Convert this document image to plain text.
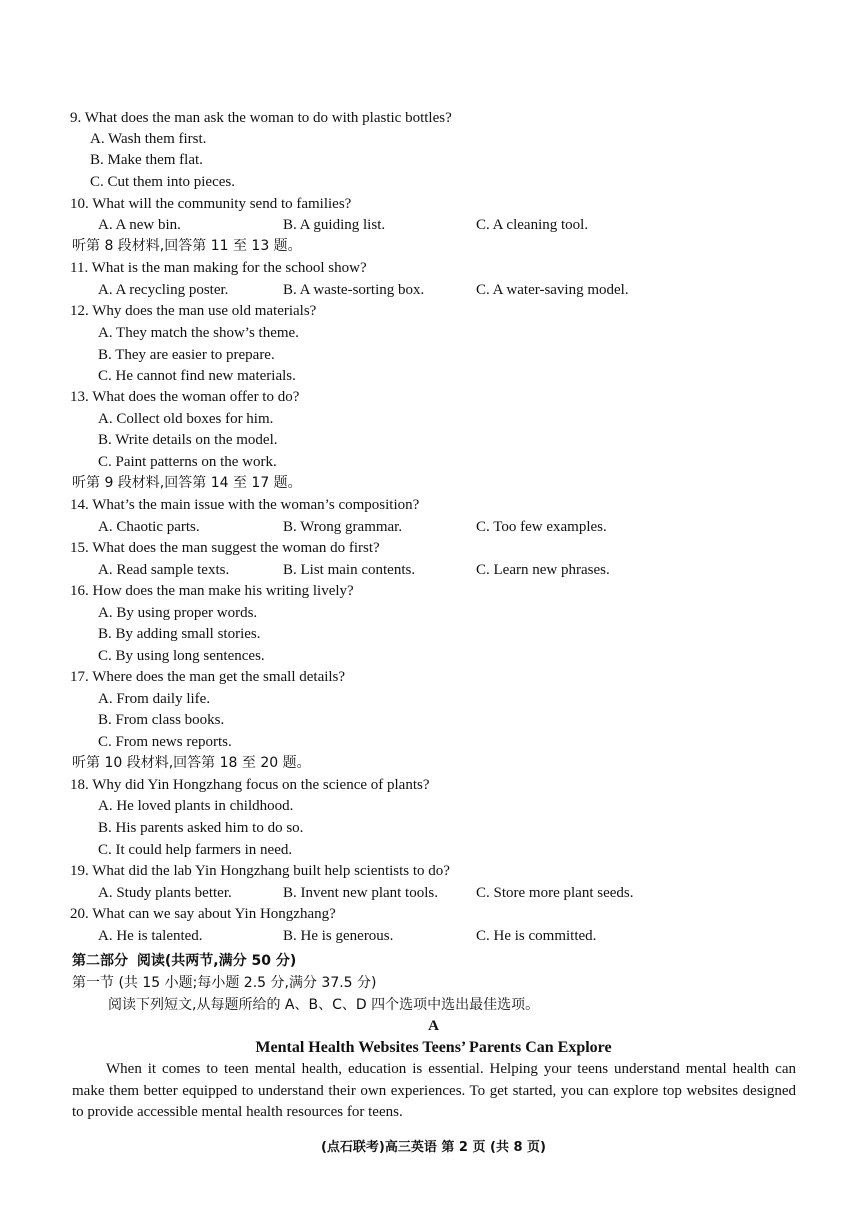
9. What does the man ask the woman to do with plastic bottles?
A. Wash them first.
B. Make them flat.
C. Cut them into pieces.
10. What will the community send to families?
A. A new bin.	B. A guiding list.	C. A cleaning tool.
听第 8 段材料,回答第 11 至 13 题。
11. What is the man making for the school show?
A. A recycling poster.	B. A waste-sorting box.	C. A water-saving model.
12. Why does the man use old materials?
A. They match the show’s theme.
B. They are easier to prepare.
C. He cannot find new materials.
13. What does the woman offer to do?
A. Collect old boxes for him.
B. Write details on the model.
C. Paint patterns on the work.
听第 9 段材料,回答第 14 至 17 题。
14. What’s the main issue with the woman’s composition?
A. Chaotic parts.	B. Wrong grammar.	C. Too few examples.
15. What does the man suggest the woman do first?
A. Read sample texts.	B. List main contents.	C. Learn new phrases.
16. How does the man make his writing lively?
A. By using proper words.
B. By adding small stories.
C. By using long sentences.
17. Where does the man get the small details?
A. From daily life.
B. From class books.
C. From news reports.
听第 10 段材料,回答第 18 至 20 题。
18. Why did Yin Hongzhang focus on the science of plants?
A. He loved plants in childhood.
B. His parents asked him to do so.
C. It could help farmers in need.
19. What did the lab Yin Hongzhang built help scientists to do?
A. Study plants better.	B. Invent new plant tools.	C. Store more plant seeds.
20. What can we say about Yin Hongzhang?
A. He is talented.	B. He is generous.	C. He is committed.
第二部分 阅读(共两节,满分 50 分)
第一节 (共 15 小题;每小题 2.5 分,满分 37.5 分)
阅读下列短文,从每题所给的 A、B、C、D 四个选项中选出最佳选项。
A
Mental Health Websites Teens’ Parents Can Explore
When it comes to teen mental health, education is essential. Helping your teens understand mental health can make them better equipped to understand their own experiences. To get started, you can explore top websites designed to provide accessible mental health resources for teens.
(点石联考)高三英语 第 2 页 (共 8 页)
